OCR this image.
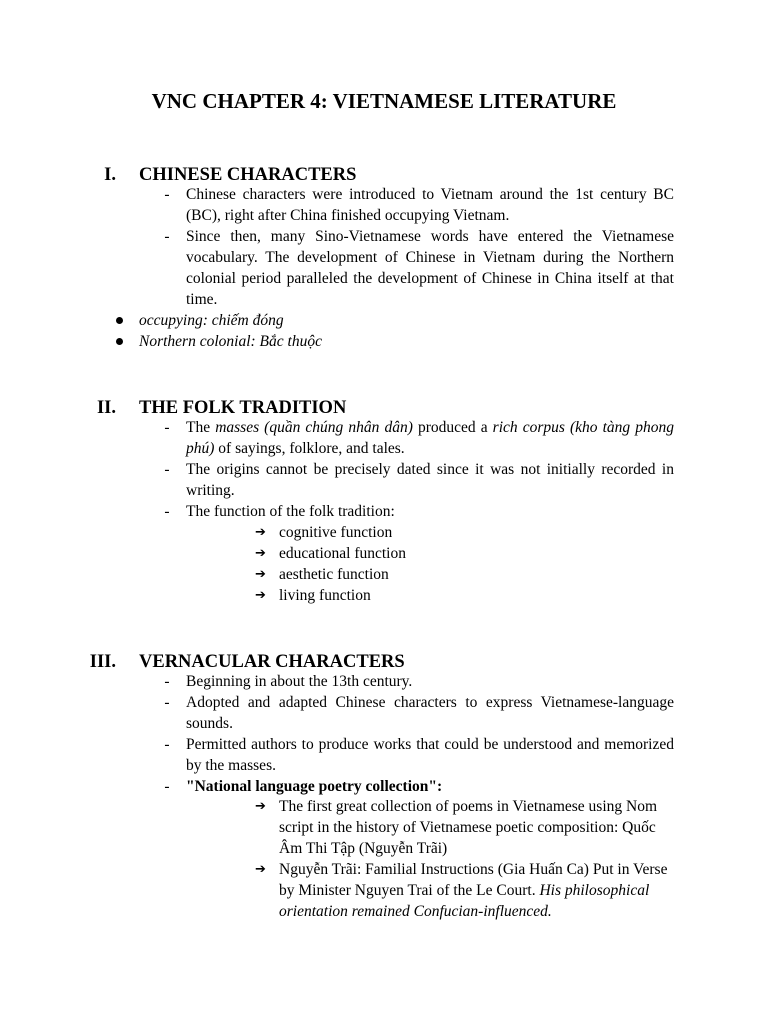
VNC CHAPTER 4: VIETNAMESE LITERATURE
I. CHINESE CHARACTERS
- Chinese characters were introduced to Vietnam around the 1st century BC (BC), right after China finished occupying Vietnam.
- Since then, many Sino-Vietnamese words have entered the Vietnamese vocabulary. The development of Chinese in Vietnam during the Northern colonial period paralleled the development of Chinese in China itself at that time.
occupying: chiếm đóng
Northern colonial: Bắc thuộc
II. THE FOLK TRADITION
- The masses (quần chúng nhân dân) produced a rich corpus (kho tàng phong phú) of sayings, folklore, and tales.
- The origins cannot be precisely dated since it was not initially recorded in writing.
- The function of the folk tradition:
➔ cognitive function
➔ educational function
➔ aesthetic function
➔ living function
III. VERNACULAR CHARACTERS
- Beginning in about the 13th century.
- Adopted and adapted Chinese characters to express Vietnamese-language sounds.
- Permitted authors to produce works that could be understood and memorized by the masses.
- "National language poetry collection":
➔ The first great collection of poems in Vietnamese using Nom script in the history of Vietnamese poetic composition: Quốc Âm Thi Tập (Nguyễn Trãi)
➔ Nguyễn Trãi: Familial Instructions (Gia Huấn Ca) Put in Verse by Minister Nguyen Trai of the Le Court. His philosophical orientation remained Confucian-influenced.
